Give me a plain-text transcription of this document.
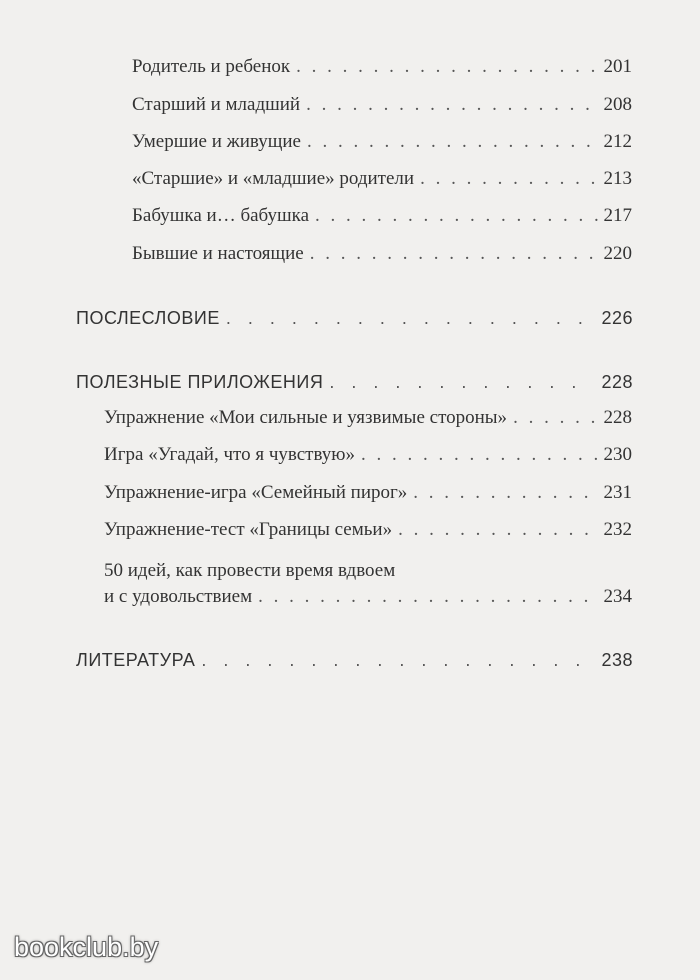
Родитель и ребенок . . .	201
Старший и младший . . .	208
Умершие и живущие . . .	212
«Старшие» и «младшие» родители . . .	213
Бабушка и… бабушка . . .	217
Бывшие и настоящие . . .	220
ПОСЛЕСЛОВИЕ . . .	226
ПОЛЕЗНЫЕ ПРИЛОЖЕНИЯ . . .	228
Упражнение «Мои сильные и уязвимые стороны» . . .	228
Игра «Угадай, что я чувствую» . . .	230
Упражнение-игра «Семейный пирог» . . .	231
Упражнение-тест «Границы семьи» . . .	232
50 идей, как провести время вдвоем
и с удовольствием . . .	234
ЛИТЕРАТУРА . . .	238
bookclub.by
